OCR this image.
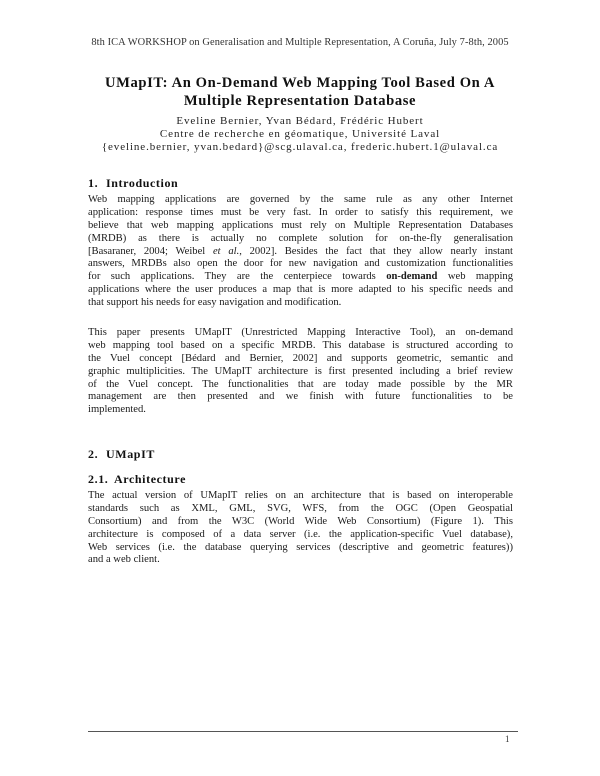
8th ICA WORKSHOP on Generalisation and Multiple Representation, A Coruña, July 7-8th, 2005
UMapIT: An On-Demand Web Mapping Tool Based On A
Multiple Representation Database
Eveline Bernier, Yvan Bédard, Frédéric Hubert
Centre de recherche en géomatique, Université Laval
{eveline.bernier, yvan.bedard}@scg.ulaval.ca, frederic.hubert.1@ulaval.ca
1. Introduction
Web mapping applications are governed by the same rule as any other Internet
application: response times must be very fast. In order to satisfy this requirement, we
believe that web mapping applications must rely on Multiple Representation Databases
(MRDB) as there is actually no complete solution for on-the-fly generalisation
[Basaraner, 2004; Weibel et al., 2002]. Besides the fact that they allow nearly instant
answers, MRDBs also open the door for new navigation and customization functionalities
for such applications. They are the centerpiece towards on-demand web mapping
applications where the user produces a map that is more adapted to his specific needs and
that support his needs for easy navigation and modification.
This paper presents UMapIT (Unrestricted Mapping Interactive Tool), an on-demand
web mapping tool based on a specific MRDB. This database is structured according to
the Vuel concept [Bédard and Bernier, 2002] and supports geometric, semantic and
graphic multiplicities. The UMapIT architecture is first presented including a brief review
of the Vuel concept. The functionalities that are today made possible by the MR
management are then presented and we finish with future functionalities to be
implemented.
2. UMapIT
2.1. Architecture
The actual version of UMapIT relies on an architecture that is based on interoperable
standards such as XML, GML, SVG, WFS, from the OGC (Open Geospatial
Consortium) and from the W3C (World Wide Web Consortium) (Figure 1). This
architecture is composed of a data server (i.e. the application-specific Vuel database),
Web services (i.e. the database querying services (descriptive and geometric features))
and a web client.
1
